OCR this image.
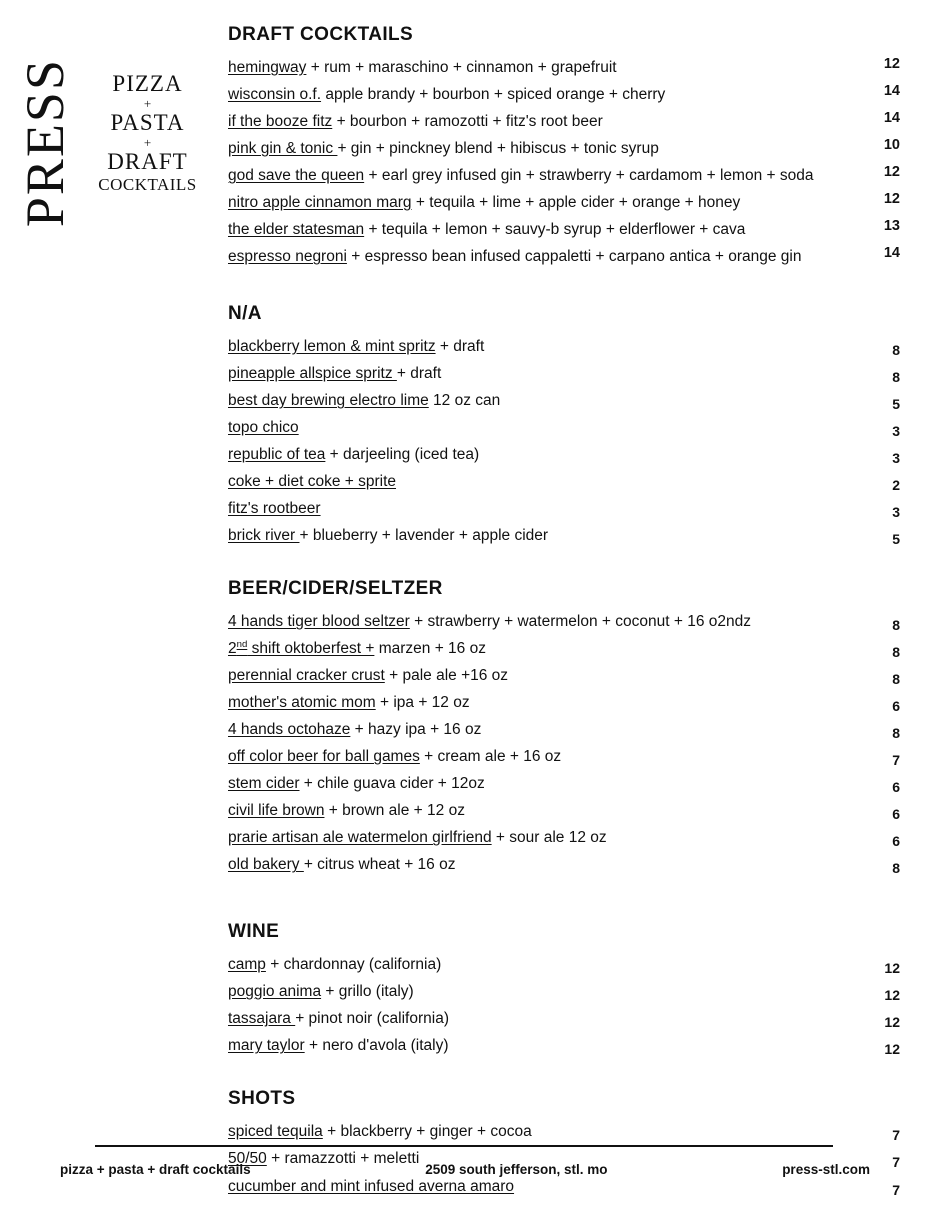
PRESS	PIZZA
+
PASTA
+
DRAFT
COCKTAILS
DRAFT COCKTAILS
hemingway + rum + maraschino + cinnamon + grapefruit	12
wisconsin o.f. apple brandy + bourbon + spiced orange + cherry	14
if the booze fitz + bourbon + ramozotti + fitz's root beer	14
pink gin & tonic + gin + pinckney blend + hibiscus + tonic syrup	10
god save the queen + earl grey infused gin + strawberry + cardamom + lemon + soda	12
nitro apple cinnamon marg + tequila + lime + apple cider + orange + honey	12
the elder statesman + tequila + lemon + sauvy-b syrup + elderflower + cava	13
espresso negroni + espresso bean infused cappaletti + carpano antica + orange gin	14
N/A
blackberry lemon & mint spritz + draft	8
pineapple allspice spritz + draft	8
best day brewing electro lime 12 oz can	5
topo chico	3
republic of tea + darjeeling (iced tea)	3
coke + diet coke + sprite	2
fitz's rootbeer	3
brick river + blueberry + lavender + apple cider	5
BEER/CIDER/SELTZER
4 hands tiger blood seltzer + strawberry + watermelon + coconut + 16 o2ndz	8
2nd shift oktoberfest + marzen + 16 oz	8
perennial cracker crust + pale ale +16 oz	8
mother's atomic mom + ipa + 12 oz	6
4 hands octohaze + hazy ipa + 16 oz	8
off color beer for ball games + cream ale + 16 oz	7
stem cider + chile guava cider + 12oz	6
civil life brown + brown ale + 12 oz	6
prarie artisan ale watermelon girlfriend + sour ale 12 oz	6
old bakery + citrus wheat + 16 oz	8
WINE
camp + chardonnay (california)	12
poggio anima + grillo (italy)	12
tassajara + pinot noir (california)	12
mary taylor + nero d'avola (italy)	12
SHOTS
spiced tequila + blackberry + ginger + cocoa	7
50/50 + ramazzotti + meletti	7
cucumber and mint infused averna amaro	7
pizza + pasta + draft cocktails	2509 south jefferson, stl. mo	press-stl.com
